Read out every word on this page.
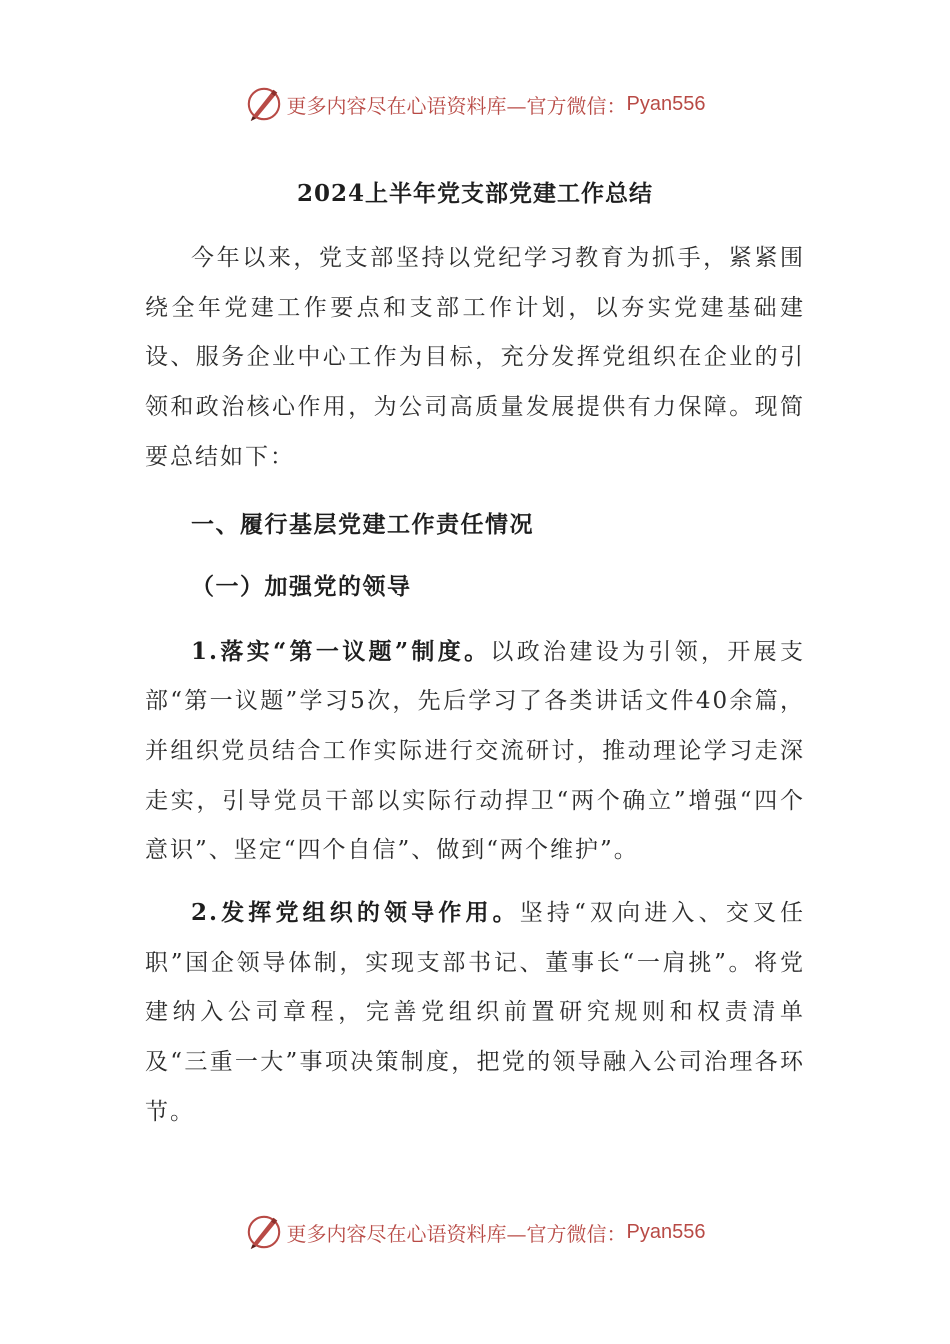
更多内容尽在心语资料库—官方微信： Pyan556
2024上半年党支部党建工作总结

今年以来，党支部坚持以党纪学习教育为抓手，紧紧围绕全年党建工作要点和支部工作计划，以夯实党建基础建设、服务企业中心工作为目标，充分发挥党组织在企业的引领和政治核心作用，为公司高质量发展提供有力保障。现简要总结如下：

一、履行基层党建工作责任情况

（一）加强党的领导

1.落实“第一议题”制度。以政治建设为引领，开展支部“第一议题”学习5次，先后学习了各类讲话文件40余篇，并组织党员结合工作实际进行交流研讨，推动理论学习走深走实，引导党员干部以实际行动捍卫“两个确立”增强“四个意识”、坚定“四个自信”、做到“两个维护”。

2.发挥党组织的领导作用。坚持“双向进入、交叉任职”国企领导体制，实现支部书记、董事长“一肩挑”。将党建纳入公司章程，完善党组织前置研究规则和权责清单及“三重一大”事项决策制度，把党的领导融入公司治理各环节。

更多内容尽在心语资料库—官方微信： Pyan556
